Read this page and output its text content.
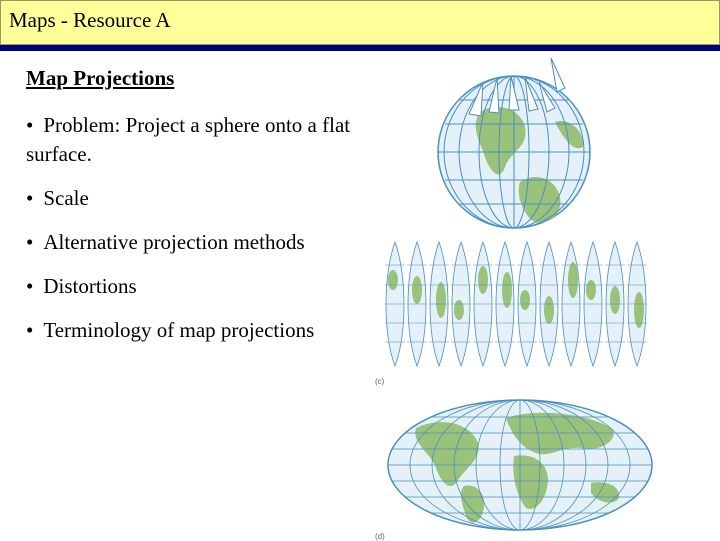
Maps - Resource A
Map Projections
• Problem: Project a sphere onto a flat surface.
• Scale
• Alternative projection methods
• Distortions
• Terminology of map projections
(c)
(d)
